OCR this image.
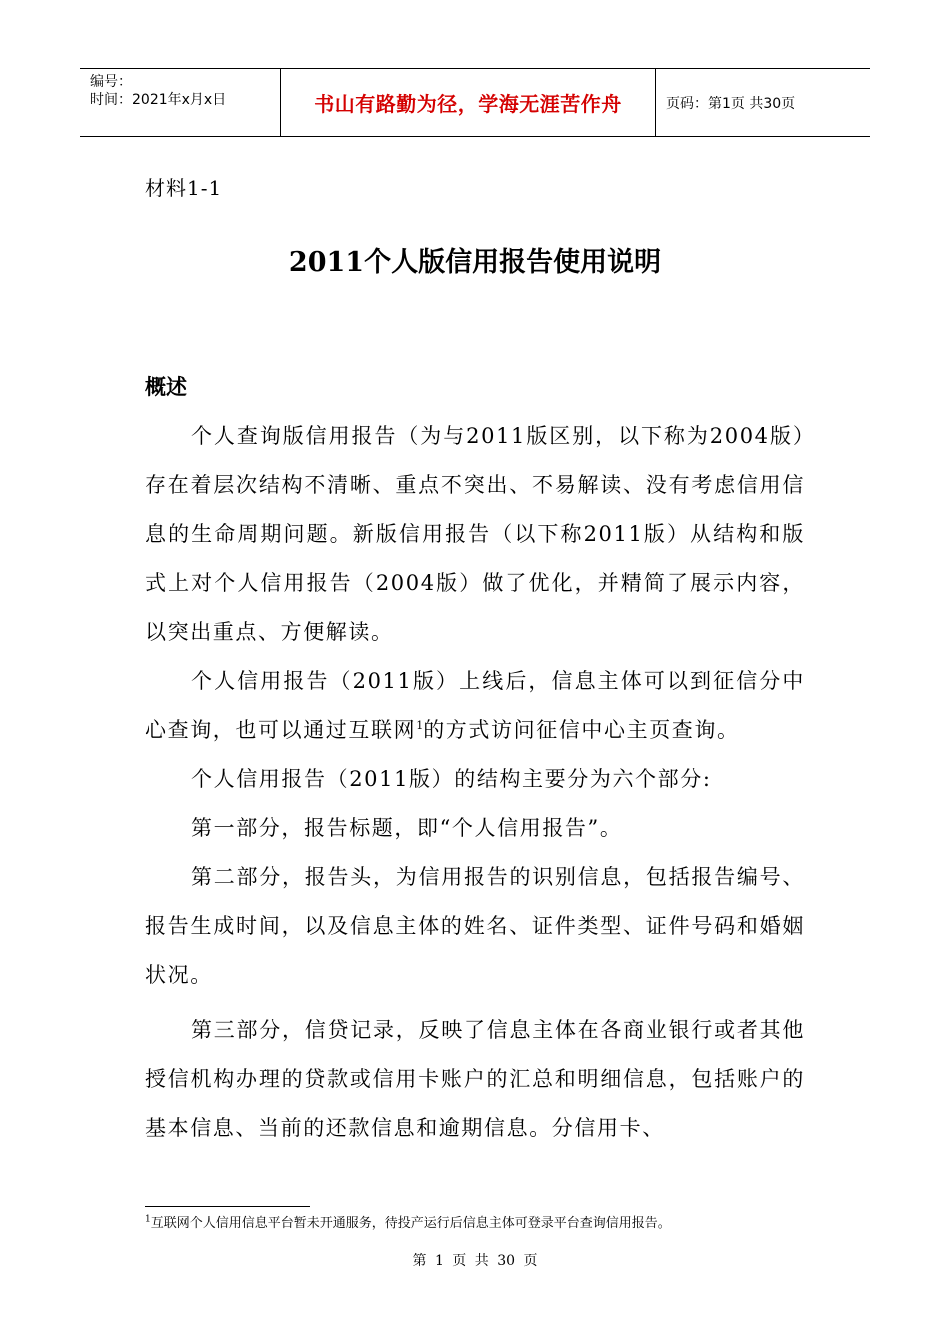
编号：
时间：2021年x月x日	书山有路勤为径，学海无涯苦作舟	页码：第1页 共30页
材料1-1
2011个人版信用报告使用说明
概述

个人查询版信用报告（为与2011版区别，以下称为2004版）存在着层次结构不清晰、重点不突出、不易解读、没有考虑信用信息的生命周期问题。新版信用报告（以下称2011版）从结构和版式上对个人信用报告（2004版）做了优化，并精简了展示内容，以突出重点、方便解读。

个人信用报告（2011版）上线后，信息主体可以到征信分中心查询，也可以通过互联网$^1$的方式访问征信中心主页查询。

个人信用报告（2011版）的结构主要分为六个部分:

第一部分，报告标题，即“个人信用报告”。

第二部分，报告头，为信用报告的识别信息，包括报告编号、报告生成时间，以及信息主体的姓名、证件类型、证件号码和婚姻状况。

第三部分，信贷记录，反映了信息主体在各商业银行或者其他授信机构办理的贷款或信用卡账户的汇总和明细信息，包括账户的基本信息、当前的还款信息和逾期信息。分信用卡、

$^1$互联网个人信用信息平台暂未开通服务，待投产运行后信息主体可登录平台查询信用报告。
第 1 页 共 30 页
